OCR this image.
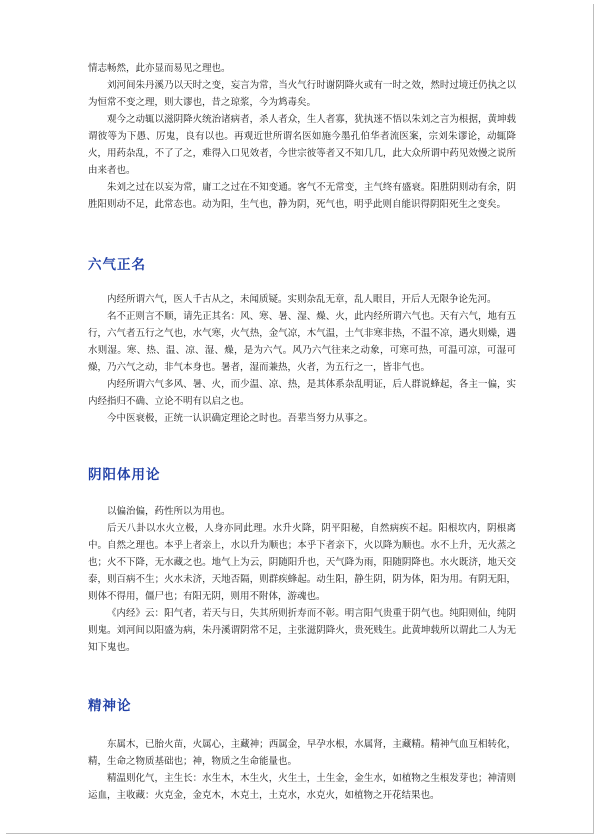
情志畅然，此亦显而易见之理也。

刘河间朱丹溪乃以天时之变，妄言为常，当火气行时谢阴降火或有一时之效，然时过境迁仍执之以为恒常不变之理，则大谬也，昔之琼浆，今为鸩毒矣。

观今之动辄以滋阴降火统治诸病者，杀人者众，生人者寡，犹执迷不悟以朱刘之言为根据，黄坤载谓彼等为下愚、厉鬼，良有以也。再观近世所谓名医如施今墨孔伯华者流医案，宗刘朱谬论，动辄降火，用药杂乱，不了了之，难得入口见效者，今世宗彼等者又不知几几，此大众所谓中药见效慢之说所由来者也。

朱刘之过在以妄为常，庸工之过在不知变通。客气不无常变，主气终有盛衰。阳胜阴则动有余，阴胜阳则动不足，此常态也。动为阳，生气也，静为阴，死气也，明乎此则自能识得阴阳死生之变矣。

六气正名

内经所谓六气，医人千古从之，未闻质疑。实则杂乱无章，乱人眼目，开后人无限争论先河。

名不正则言不顺，请先正其名：风、寒、暑、湿、燥、火，此内经所谓六气也。天有六气，地有五行，六气者五行之气也，水气寒，火气热，金气凉，木气温，土气非寒非热，不温不凉，遇火则燥，遇水则湿。寒、热、温、凉、湿、燥，是为六气。风乃六气往来之动象，可寒可热，可温可凉，可湿可燥，乃六气之动，非气本身也。暑者，湿而兼热，火者，为五行之一，皆非气也。

内经所谓六气多风、暑、火，而少温、凉、热，是其体系杂乱明证，后人群说蜂起，各主一偏，实内经指归不确、立论不明有以启之也。

今中医衰极，正统一认识确定理论之时也。吾辈当努力从事之。

阴阳体用论

以偏治偏，药性所以为用也。

后天八卦以水火立极，人身亦同此理。水升火降，阴平阳秘，自然病疾不起。阳根坎内，阴根离中。自然之理也。本乎上者亲上，水以升为顺也；本乎下者亲下，火以降为顺也。水不上升，无火蒸之也；火不下降，无水藏之也。地气上为云，阴随阳升也，天气降为雨，阳随阴降也。水火既济，地天交泰，则百病不生；火水未济，天地否隔，则群疾蜂起。动生阳，静生阴，阴为体，阳为用。有阴无阳，则体不得用，僵尸也；有阳无阴，则用不附体，游魂也。

《内经》云：阳气者，若天与日，失其所则折寿而不彰。明言阳气贵重于阴气也。纯阳则仙，纯阴则鬼。刘河间以阳盛为病，朱丹溪谓阴常不足，主张滋阴降火，贵死贱生。此黄坤载所以谓此二人为无知下鬼也。

精神论

东属木，已胎火苗，火属心，主藏神；西属金，早孕水根，水属肾，主藏精。精神气血互相转化，精，生命之物质基础也；神，物质之生命能量也。

精温则化气，主生长：水生木，木生火，火生土，土生金，金生水，如植物之生根发芽也；神清则运血，主收藏：火克金，金克木，木克土，土克水，水克火，如植物之开花结果也。
